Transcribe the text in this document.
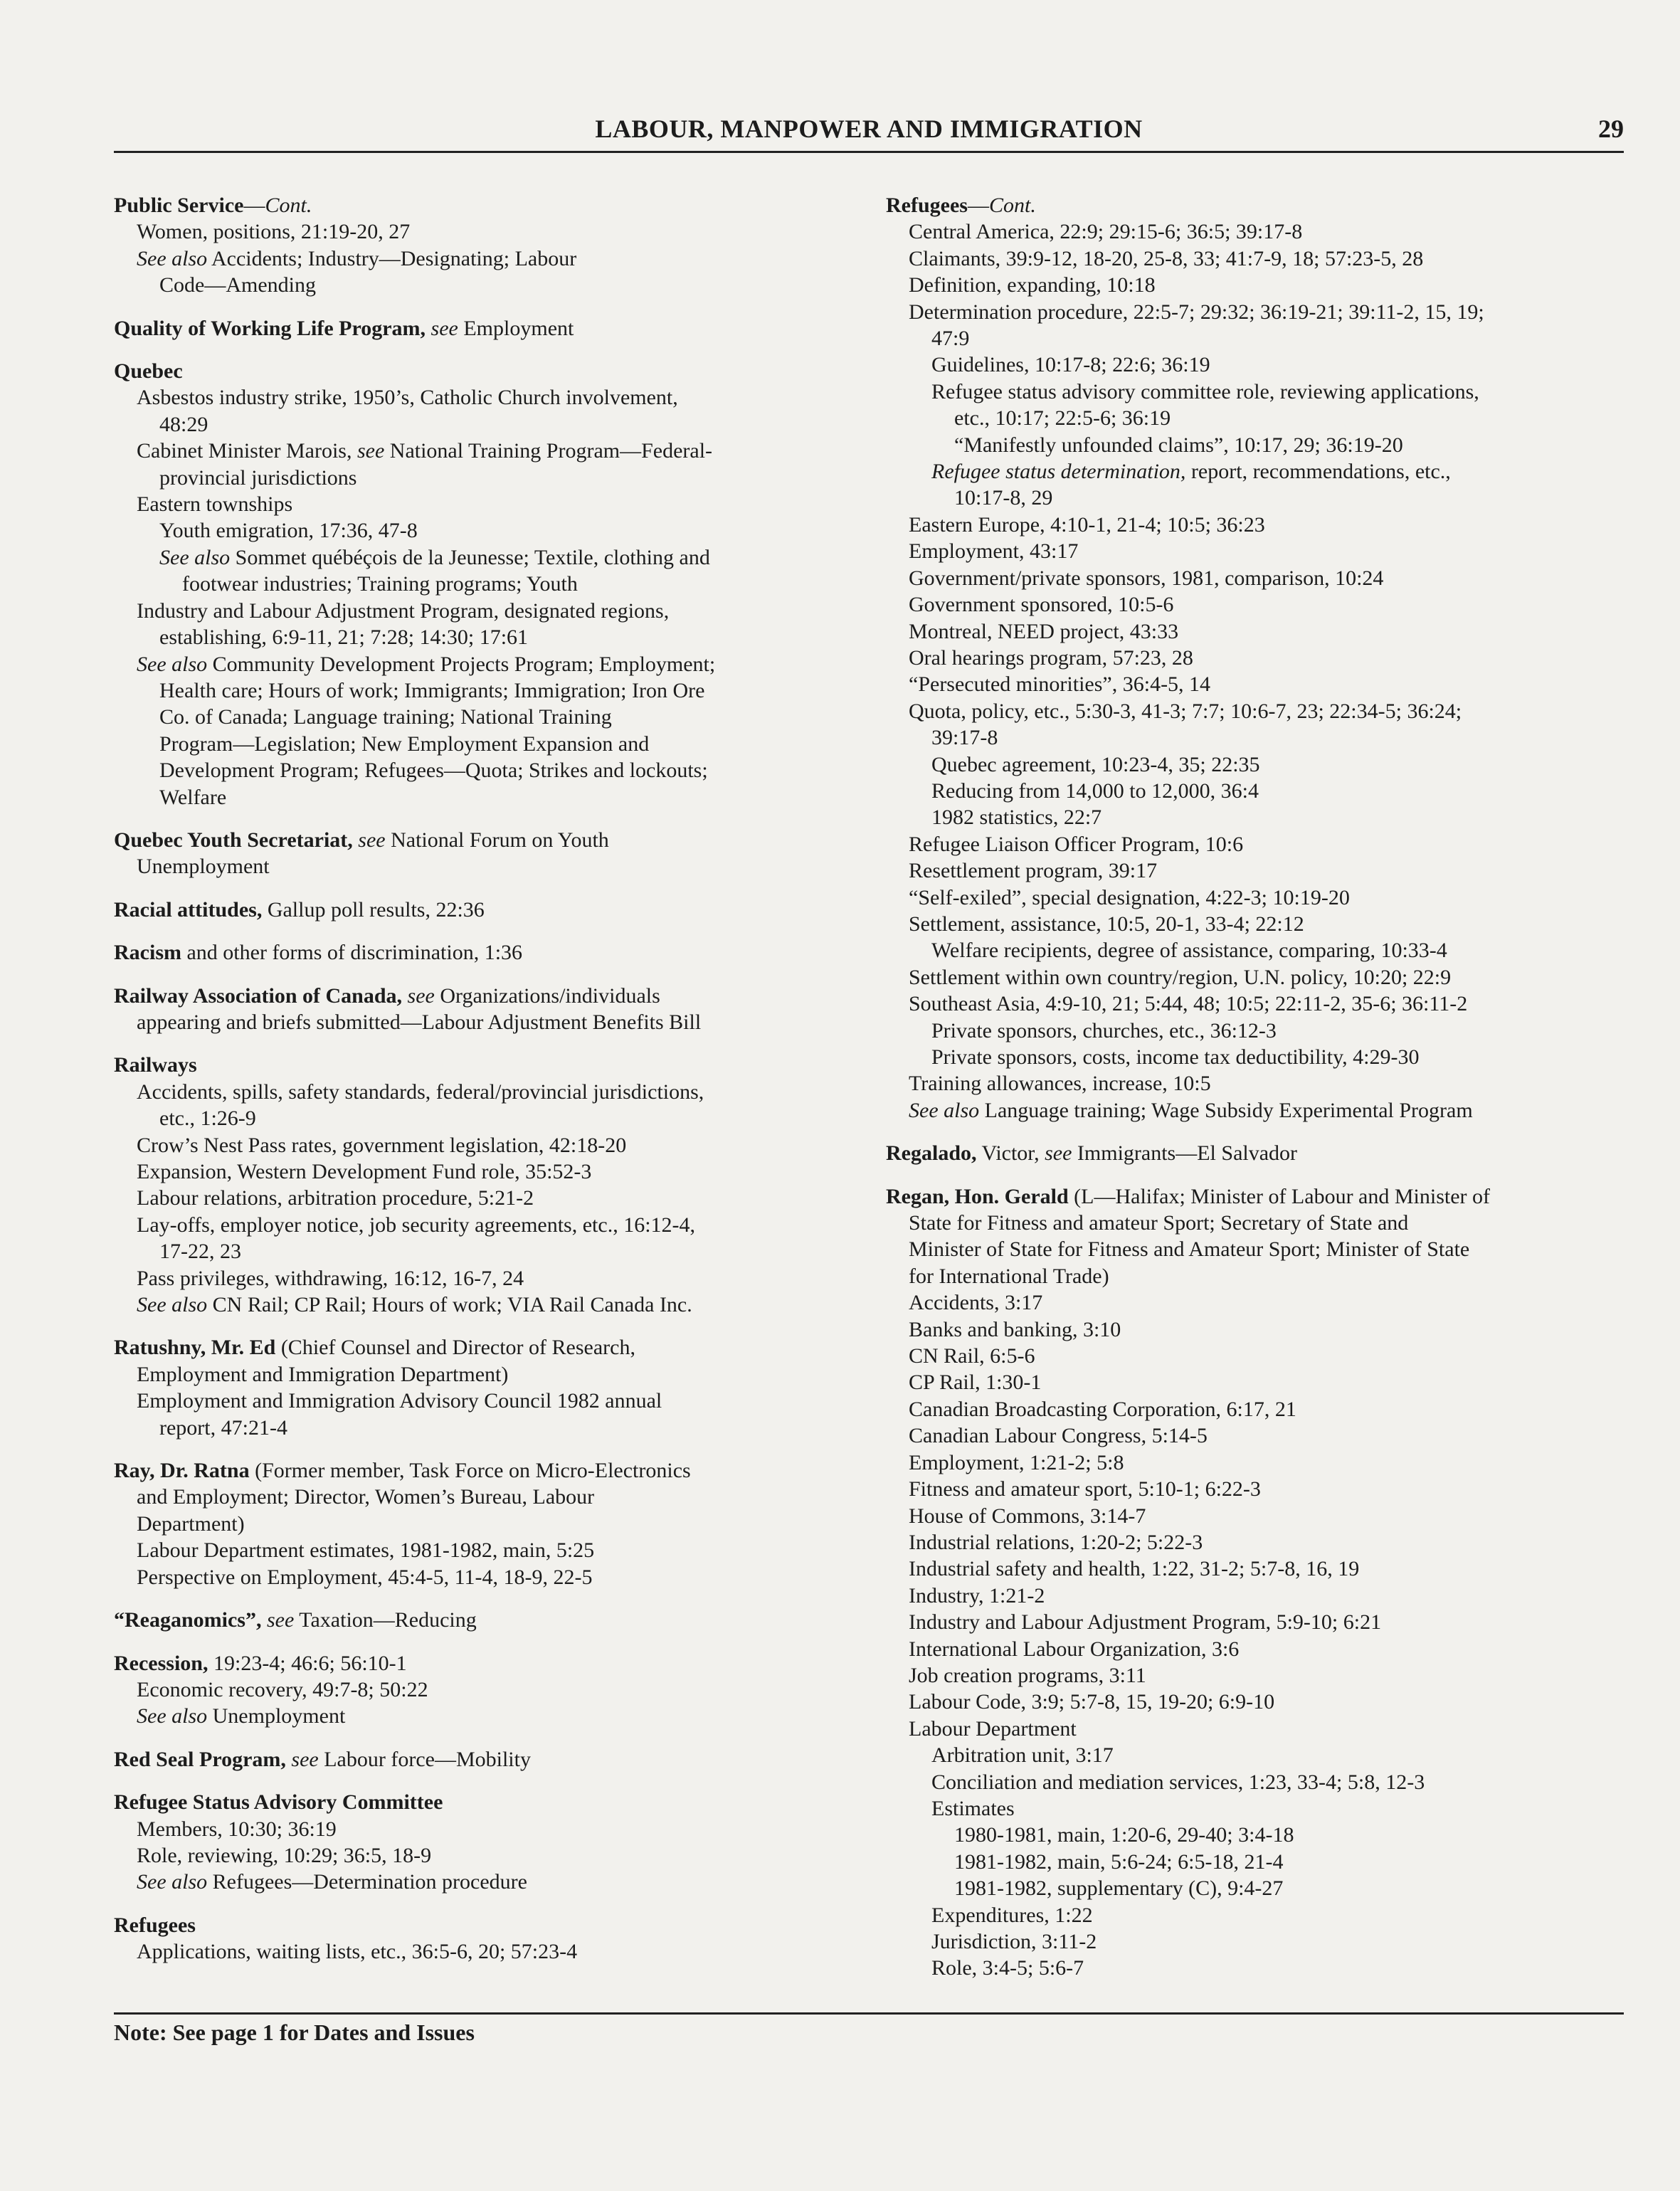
LABOUR, MANPOWER AND IMMIGRATION	29
Public Service—Cont.
Women, positions, 21:19-20, 27
See also Accidents; Industry—Designating; Labour
Code—Amending
Quality of Working Life Program, see Employment
Quebec
Asbestos industry strike, 1950’s, Catholic Church involvement,
48:29
Cabinet Minister Marois, see National Training Program—Federal-
provincial jurisdictions
Eastern townships
Youth emigration, 17:36, 47-8
See also Sommet québéçois de la Jeunesse; Textile, clothing and
footwear industries; Training programs; Youth
Industry and Labour Adjustment Program, designated regions,
establishing, 6:9-11, 21; 7:28; 14:30; 17:61
See also Community Development Projects Program; Employment;
Health care; Hours of work; Immigrants; Immigration; Iron Ore
Co. of Canada; Language training; National Training
Program—Legislation; New Employment Expansion and
Development Program; Refugees—Quota; Strikes and lockouts;
Welfare
Quebec Youth Secretariat, see National Forum on Youth
Unemployment
Racial attitudes, Gallup poll results, 22:36
Racism and other forms of discrimination, 1:36
Railway Association of Canada, see Organizations/individuals
appearing and briefs submitted—Labour Adjustment Benefits Bill
Railways
Accidents, spills, safety standards, federal/provincial jurisdictions,
etc., 1:26-9
Crow’s Nest Pass rates, government legislation, 42:18-20
Expansion, Western Development Fund role, 35:52-3
Labour relations, arbitration procedure, 5:21-2
Lay-offs, employer notice, job security agreements, etc., 16:12-4,
17-22, 23
Pass privileges, withdrawing, 16:12, 16-7, 24
See also CN Rail; CP Rail; Hours of work; VIA Rail Canada Inc.
Ratushny, Mr. Ed (Chief Counsel and Director of Research,
Employment and Immigration Department)
Employment and Immigration Advisory Council 1982 annual
report, 47:21-4
Ray, Dr. Ratna (Former member, Task Force on Micro-Electronics
and Employment; Director, Women’s Bureau, Labour
Department)
Labour Department estimates, 1981-1982, main, 5:25
Perspective on Employment, 45:4-5, 11-4, 18-9, 22-5
“Reaganomics”, see Taxation—Reducing
Recession, 19:23-4; 46:6; 56:10-1
Economic recovery, 49:7-8; 50:22
See also Unemployment
Red Seal Program, see Labour force—Mobility
Refugee Status Advisory Committee
Members, 10:30; 36:19
Role, reviewing, 10:29; 36:5, 18-9
See also Refugees—Determination procedure
Refugees
Applications, waiting lists, etc., 36:5-6, 20; 57:23-4
Refugees—Cont.
Central America, 22:9; 29:15-6; 36:5; 39:17-8
Claimants, 39:9-12, 18-20, 25-8, 33; 41:7-9, 18; 57:23-5, 28
Definition, expanding, 10:18
Determination procedure, 22:5-7; 29:32; 36:19-21; 39:11-2, 15, 19;
47:9
Guidelines, 10:17-8; 22:6; 36:19
Refugee status advisory committee role, reviewing applications,
etc., 10:17; 22:5-6; 36:19
“Manifestly unfounded claims”, 10:17, 29; 36:19-20
Refugee status determination, report, recommendations, etc.,
10:17-8, 29
Eastern Europe, 4:10-1, 21-4; 10:5; 36:23
Employment, 43:17
Government/private sponsors, 1981, comparison, 10:24
Government sponsored, 10:5-6
Montreal, NEED project, 43:33
Oral hearings program, 57:23, 28
“Persecuted minorities”, 36:4-5, 14
Quota, policy, etc., 5:30-3, 41-3; 7:7; 10:6-7, 23; 22:34-5; 36:24;
39:17-8
Quebec agreement, 10:23-4, 35; 22:35
Reducing from 14,000 to 12,000, 36:4
1982 statistics, 22:7
Refugee Liaison Officer Program, 10:6
Resettlement program, 39:17
“Self-exiled”, special designation, 4:22-3; 10:19-20
Settlement, assistance, 10:5, 20-1, 33-4; 22:12
Welfare recipients, degree of assistance, comparing, 10:33-4
Settlement within own country/region, U.N. policy, 10:20; 22:9
Southeast Asia, 4:9-10, 21; 5:44, 48; 10:5; 22:11-2, 35-6; 36:11-2
Private sponsors, churches, etc., 36:12-3
Private sponsors, costs, income tax deductibility, 4:29-30
Training allowances, increase, 10:5
See also Language training; Wage Subsidy Experimental Program
Regalado, Victor, see Immigrants—El Salvador
Regan, Hon. Gerald (L—Halifax; Minister of Labour and Minister of
State for Fitness and amateur Sport; Secretary of State and
Minister of State for Fitness and Amateur Sport; Minister of State
for International Trade)
Accidents, 3:17
Banks and banking, 3:10
CN Rail, 6:5-6
CP Rail, 1:30-1
Canadian Broadcasting Corporation, 6:17, 21
Canadian Labour Congress, 5:14-5
Employment, 1:21-2; 5:8
Fitness and amateur sport, 5:10-1; 6:22-3
House of Commons, 3:14-7
Industrial relations, 1:20-2; 5:22-3
Industrial safety and health, 1:22, 31-2; 5:7-8, 16, 19
Industry, 1:21-2
Industry and Labour Adjustment Program, 5:9-10; 6:21
International Labour Organization, 3:6
Job creation programs, 3:11
Labour Code, 3:9; 5:7-8, 15, 19-20; 6:9-10
Labour Department
Arbitration unit, 3:17
Conciliation and mediation services, 1:23, 33-4; 5:8, 12-3
Estimates
1980-1981, main, 1:20-6, 29-40; 3:4-18
1981-1982, main, 5:6-24; 6:5-18, 21-4
1981-1982, supplementary (C), 9:4-27
Expenditures, 1:22
Jurisdiction, 3:11-2
Role, 3:4-5; 5:6-7
Note: See page 1 for Dates and Issues
